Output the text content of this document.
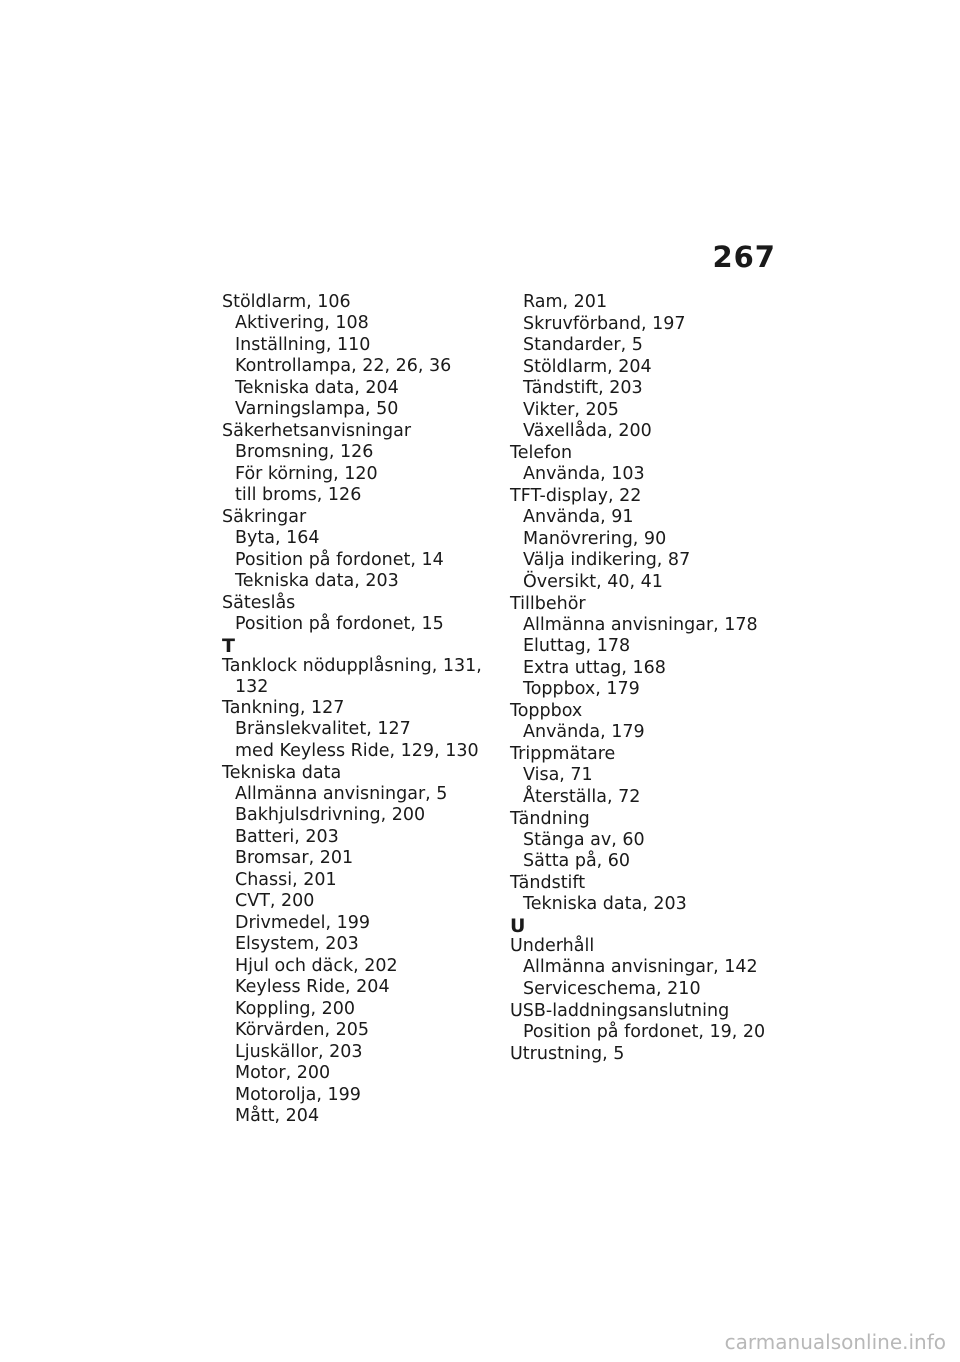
267
Stöldlarm, 106
Aktivering, 108
Inställning, 110
Kontrollampa, 22, 26, 36
Tekniska data, 204
Varningslampa, 50
Säkerhetsanvisningar
Bromsning, 126
För körning, 120
till broms, 126
Säkringar
Byta, 164
Position på fordonet, 14
Tekniska data, 203
Säteslås
Position på fordonet, 15
T
Tanklock nödupplåsning, 131,
132
Tankning, 127
Bränslekvalitet, 127
med Keyless Ride, 129, 130
Tekniska data
Allmänna anvisningar, 5
Bakhjulsdrivning, 200
Batteri, 203
Bromsar, 201
Chassi, 201
CVT, 200
Drivmedel, 199
Elsystem, 203
Hjul och däck, 202
Keyless Ride, 204
Koppling, 200
Körvärden, 205
Ljuskällor, 203
Motor, 200
Motorolja, 199
Mått, 204
Ram, 201
Skruvförband, 197
Standarder, 5
Stöldlarm, 204
Tändstift, 203
Vikter, 205
Växellåda, 200
Telefon
Använda, 103
TFT-display, 22
Använda, 91
Manövrering, 90
Välja indikering, 87
Översikt, 40, 41
Tillbehör
Allmänna anvisningar, 178
Eluttag, 178
Extra uttag, 168
Toppbox, 179
Toppbox
Använda, 179
Trippmätare
Visa, 71
Återställa, 72
Tändning
Stänga av, 60
Sätta på, 60
Tändstift
Tekniska data, 203
U
Underhåll
Allmänna anvisningar, 142
Serviceschema, 210
USB-laddningsanslutning
Position på fordonet, 19, 20
Utrustning, 5
carmanualsonline.info
